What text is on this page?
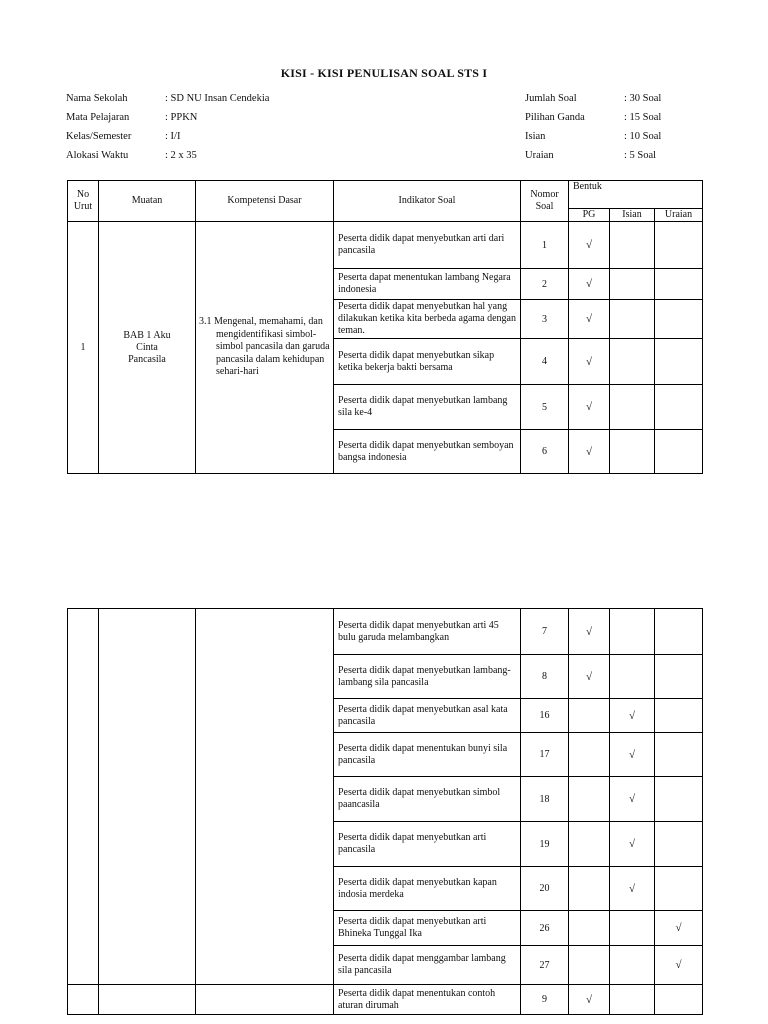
KISI - KISI PENULISAN SOAL STS I
Nama Sekolah	: SD NU Insan Cendekia
Mata Pelajaran	: PPKN
Kelas/Semester	: I/I
Alokasi Waktu	: 2 x 35
Jumlah Soal	: 30 Soal
Pilihan Ganda	: 15 Soal
Isian	: 10 Soal
Uraian	: 5 Soal
No Urut	Muatan	Kompetensi Dasar	Indikator Soal	Nomor Soal	Bentuk		
					PG	Isian	Uraian
1	BAB 1 Aku Cinta Pancasila	3.1 Mengenal, memahami, dan mengidentifikasi simbol-simbol pancasila dan garuda pancasila dalam kehidupan sehari-hari	Peserta didik dapat menyebutkan arti dari pancasila	1	√		
			Peserta dapat menentukan lambang Negara indonesia	2	√		
			Peserta didik dapat menyebutkan hal yang dilakukan ketika kita berbeda agama dengan teman.	3	√		
			Peserta didik dapat menyebutkan sikap ketika bekerja bakti bersama	4	√		
			Peserta didik dapat menyebutkan lambang sila ke-4	5	√		
			Peserta didik dapat menyebutkan semboyan bangsa indonesia	6	√		
			Peserta didik dapat menyebutkan arti 45 bulu garuda melambangkan	7	√		
			Peserta didik dapat menyebutkan lambang-lambang sila pancasila	8	√		
			Peserta didik dapat menyebutkan asal kata pancasila	16		√	
			Peserta didik dapat menentukan bunyi sila pancasila	17		√	
			Peserta didik dapat menyebutkan simbol paancasila	18		√	
			Peserta didik dapat menyebutkan arti pancasila	19		√	
			Peserta didik dapat menyebutkan kapan indosia merdeka	20		√	
			Peserta didik dapat menyebutkan arti Bhineka Tunggal Ika	26			√
			Peserta didik dapat menggambar lambang sila pancasila	27			√
			Peserta didik dapat menentukan contoh aturan dirumah	9	√		
